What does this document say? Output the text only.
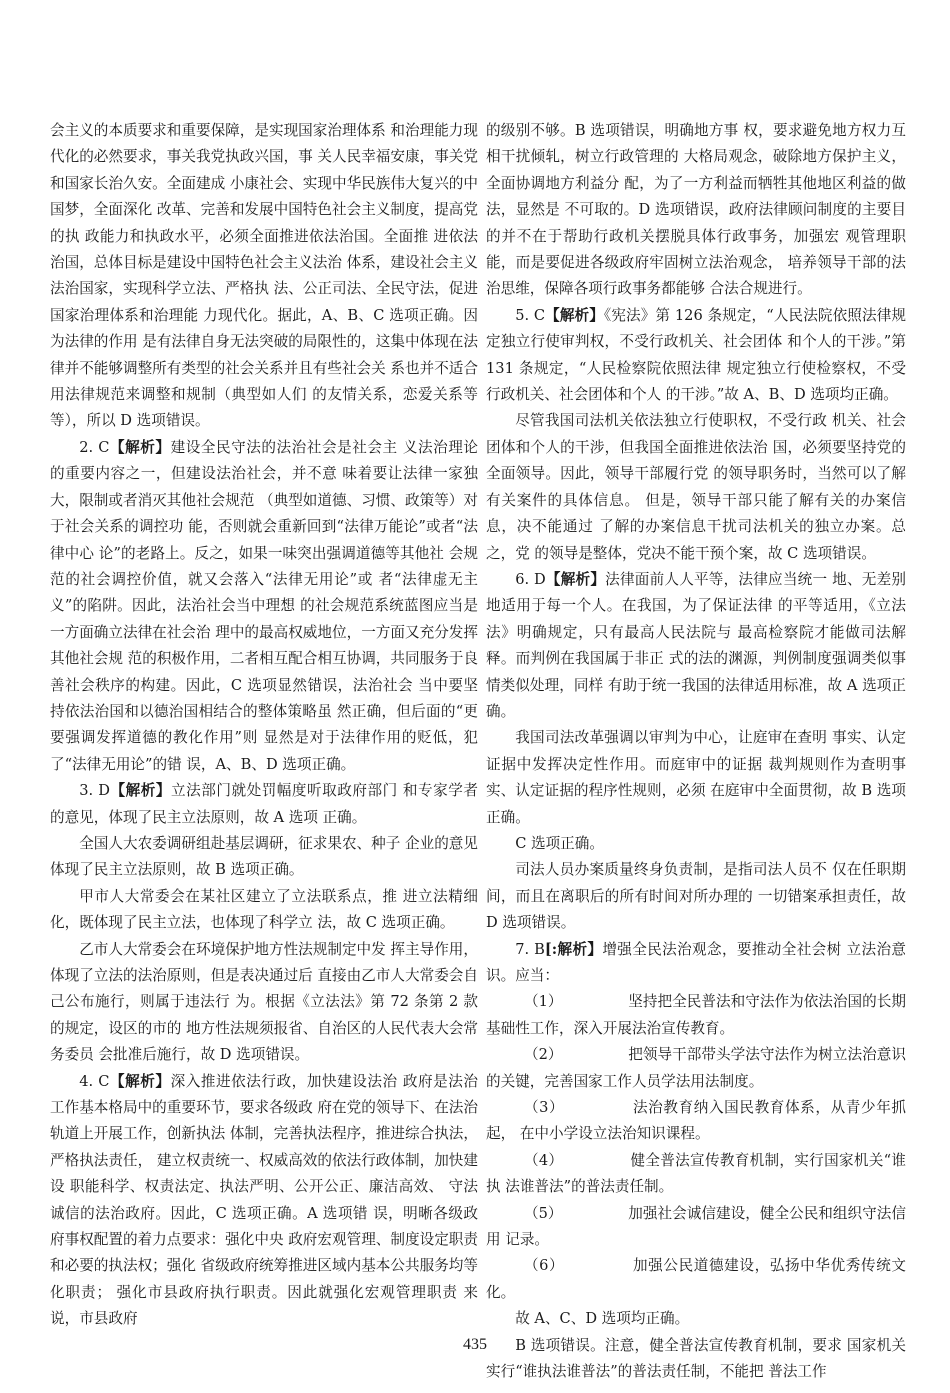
会主义的本质要求和重要保障，是实现国家治理体系 和治理能力现代化的必然要求，事关我党执政兴国，事 关人民幸福安康，事关党和国家长治久安。全面建成 小康社会、实现中华民族伟大复兴的中国梦，全面深化 改革、完善和发展中国特色社会主义制度，提高党的执 政能力和执政水平，必须全面推进依法治国。全面推 进依法治国，总体目标是建设中国特色社会主义法治 体系，建设社会主义法治国家，实现科学立法、严格执 法、公正司法、全民守法，促进国家治理体系和治理能 力现代化。据此，A、B、C 选项正确。因为法律的作用 是有法律自身无法突破的局限性的，这集中体现在法律并不能够调整所有类型的社会关系并且有些社会关 系也并不适合用法律规范来调整和规制（典型如人们 的友情关系，恋爱关系等等），所以 D 选项错误。

2. C【解析】建设全民守法的法治社会是社会主 义法治理论的重要内容之一，但建设法治社会，并不意 味着要让法律一家独大，限制或者消灭其他社会规范 （典型如道德、习惯、政策等）对于社会关系的调控功 能，否则就会重新回到“法律万能论”或者“法律中心 论”的老路上。反之，如果一味突出强调道德等其他社 会规范的社会调控价值，就又会落入“法律无用论”或 者“法律虚无主义”的陷阱。因此，法治社会当中理想 的社会规范系统蓝图应当是一方面确立法律在社会治 理中的最高权威地位，一方面又充分发挥其他社会规 范的积极作用，二者相互配合相互协调，共同服务于良善社会秩序的构建。因此，C 选项显然错误，法治社会 当中要坚持依法治国和以德治国相结合的整体策略虽 然正确，但后面的“更要强调发挥道德的教化作用”则 显然是对于法律作用的贬低，犯了“法律无用论”的错 误，A、B、D 选项正确。

3. D【解析】立法部门就处罚幅度听取政府部门 和专家学者的意见，体现了民主立法原则，故 A 选项 正确。

全国人大农委调研组赴基层调研，征求果农、种子 企业的意见体现了民主立法原则，故 B 选项正确。

甲市人大常委会在某社区建立了立法联系点，推 进立法精细化，既体现了民主立法，也体现了科学立 法，故 C 选项正确。

乙市人大常委会在环境保护地方性法规制定中发 挥主导作用，体现了立法的法治原则，但是表决通过后 直接由乙市人大常委会自己公布施行，则属于违法行 为。根据《立法法》第 72 条第 2 款的规定，设区的市的 地方性法规须报省、自治区的人民代表大会常务委员 会批准后施行，故 D 选项错误。

4. C【解析】深入推进依法行政，加快建设法治 政府是法治工作基本格局中的重要环节，要求各级政 府在党的领导下、在法治轨道上开展工作，创新执法 体制，完善执法程序，推进综合执法，严格执法责任， 建立权责统一、权威高效的依法行政体制，加快建设 职能科学、权责法定、执法严明、公开公正、廉洁高效、 守法诚信的法治政府。因此，C 选项正确。A 选项错 误，明晰各级政府事权配置的着力点要求：强化中央 政府宏观管理、制度设定职责和必要的执法权；强化 省级政府统筹推进区域内基本公共服务均等化职责； 强化市县政府执行职责。因此就强化宏观管理职责 来说，市县政府

的级别不够。B 选项错误，明确地方事 权，要求避免地方权力互相干扰倾轧，树立行政管理的 大格局观念，破除地方保护主义，全面协调地方利益分 配，为了一方利益而牺牲其他地区利益的做法，显然是 不可取的。D 选项错误，政府法律顾问制度的主要目 的并不在于帮助行政机关摆脱具体行政事务，加强宏 观管理职能，而是要促进各级政府牢固树立法治观念， 培养领导干部的法治思维，保障各项行政事务都能够 合法合规进行。

5. C【解析】《宪法》第 126 条规定，“人民法院依照法律规定独立行使审判权，不受行政机关、社会团体 和个人的干涉。”第 131 条规定，“人民检察院依照法律 规定独立行使检察权，不受行政机关、社会团体和个人 的干涉。”故 A、B、D 选项均正确。

尽管我国司法机关依法独立行使职权，不受行政 机关、社会团体和个人的干涉，但我国全面推进依法治 国，必须要坚持党的全面领导。因此，领导干部履行党 的领导职务时，当然可以了解有关案件的具体信息。 但是，领导干部只能了解有关的办案信息，决不能通过 了解的办案信息干扰司法机关的独立办案。总之，党 的领导是整体，党决不能干预个案，故 C 选项错误。

6. D【解析】法律面前人人平等，法律应当统一 地、无差别地适用于每一个人。在我国，为了保证法律 的平等适用，《立法法》明确规定，只有最高人民法院与 最高检察院才能做司法解释。而判例在我国属于非正 式的法的渊源，判例制度强调类似事情类似处理，同样 有助于统一我国的法律适用标准，故 A 选项正确。

我国司法改革强调以审判为中心，让庭审在查明 事实、认定证据中发挥决定性作用。而庭审中的证据 裁判规则作为查明事实、认定证据的程序性规则，必须 在庭审中全面贯彻，故 B 选项正确。

C 选项正确。

司法人员办案质量终身负责制，是指司法人员不 仅在任职期间，而且在离职后的所有时间对所办理的 一切错案承担责任，故 D 选项错误。

7. B[:解析】增强全民法治观念，要推动全社会树 立法治意识。应当：

（1）　　　　　坚持把全民普法和守法作为依法治国的长期 基础性工作，深入开展法治宣传教育。

（2）　　　　　把领导干部带头学法守法作为树立法治意识 的关键，完善国家工作人员学法用法制度。

（3）　　　　　法治教育纳入国民教育体系，从青少年抓起， 在中小学设立法治知识课程。

（4）　　　　　健全普法宣传教育机制，实行国家机关“谁执 法谁普法”的普法责任制。

（5）　　　　　加强社会诚信建设，健全公民和组织守法信用 记录。

（6）　　　　　加强公民道德建设，弘扬中华优秀传统文化。

故 A、C、D 选项均正确。

B 选项错误。注意，健全普法宣传教育机制，要求 国家机关实行“谁执法谁普法”的普法责任制，不能把 普法工作

435
